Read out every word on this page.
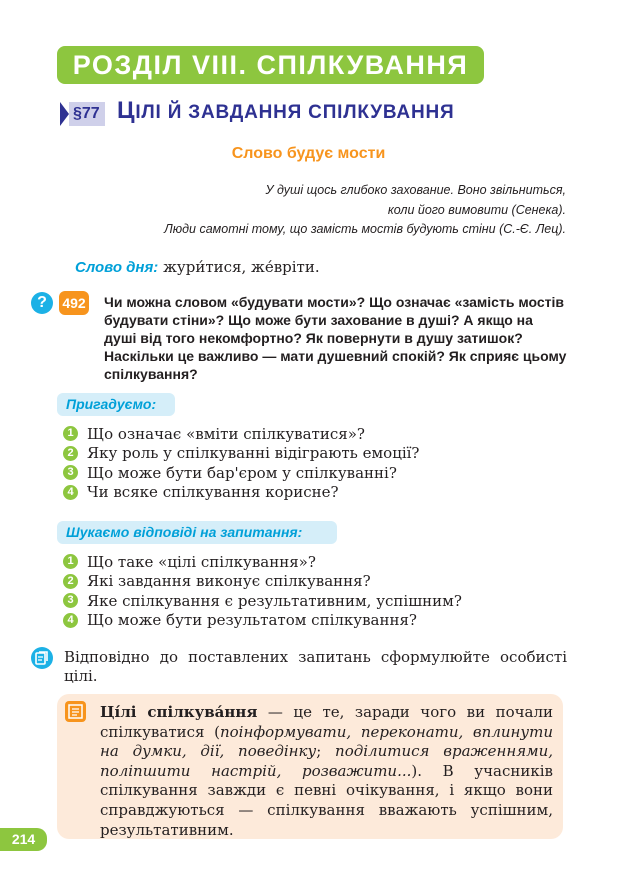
РОЗДІЛ VIII. СПІЛКУВАННЯ
§77 ЦІЛІ Й ЗАВДАННЯ СПІЛКУВАННЯ
Слово будує мости
У душі щось глибоко захование. Воно звільниться,
коли його вимовити (Сенека).
Люди самотні тому, що замість мостів будують стіни (С.-Є. Лец).
Слово дня: жури́тися, же́врiти.
?	492 Чи можна словом «будувати мости»? Що означає «замість мостів будувати стіни»? Що може бути захование в душі? А якщо на душі від того некомфортно? Як повернути в душу затишок? Наскільки це важливо — мати душевний спокій? Як сприяє цьому спілкування?
Пригадуємо:
1 Що означає «вміти спілкуватися»?
2 Яку роль у спілкуванні відіграють емоції?
3 Що може бути бар'єром у спілкуванні?
4 Чи всяке спілкування корисне?
Шукаємо відповіді на запитання:
1 Що таке «цілі спілкування»?
2 Які завдання виконує спілкування?
3 Яке спілкування є результативним, успішним?
4 Що може бути результатом спілкування?
Відповідно до поставлених запитань сформулюйте особисті цілі.
Ці́лі спілкува́ння — це те, заради чого ви почали спілкуватися (поінформувати, переконати, вплинути на думки, дії, поведінку; поділитися враженнями, поліпшити настрій, розважити...). В учасників спілкування завжди є певні очікування, і якщо вони справджуються — спілкування вважають успішним, результативним.
214
